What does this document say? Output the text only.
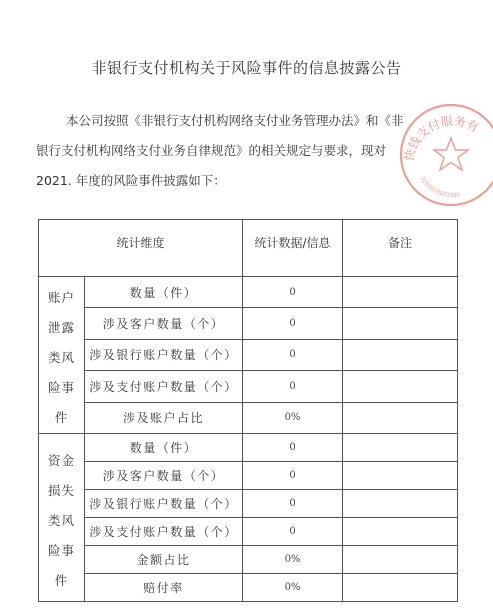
非银行支付机构关于风险事件的信息披露公告
本公司按照《非银行支付机构网络支付业务管理办法》和《非
银行支付机构网络支付业务自律规范》的相关规定与要求，现对
2021. 年度的风险事件披露如下：
快钱支付服务有
3201010031106
统计维度		统计数据/信息	备注

账户
泄露
类风
险事
件	数量（件）	0	
	涉及客户数量（个）	0	
	涉及银行账户数量（个）	0	
	涉及支付账户数量（个）	0	
	涉及账户占比	0%	

资金
损失
类风
险事
件	数量（件）	0	
	涉及客户数量（个）	0	
	涉及银行账户数量（个）	0	
	涉及支付账户数量（个）	0	
	金额占比	0%	
	赔付率	0%	
